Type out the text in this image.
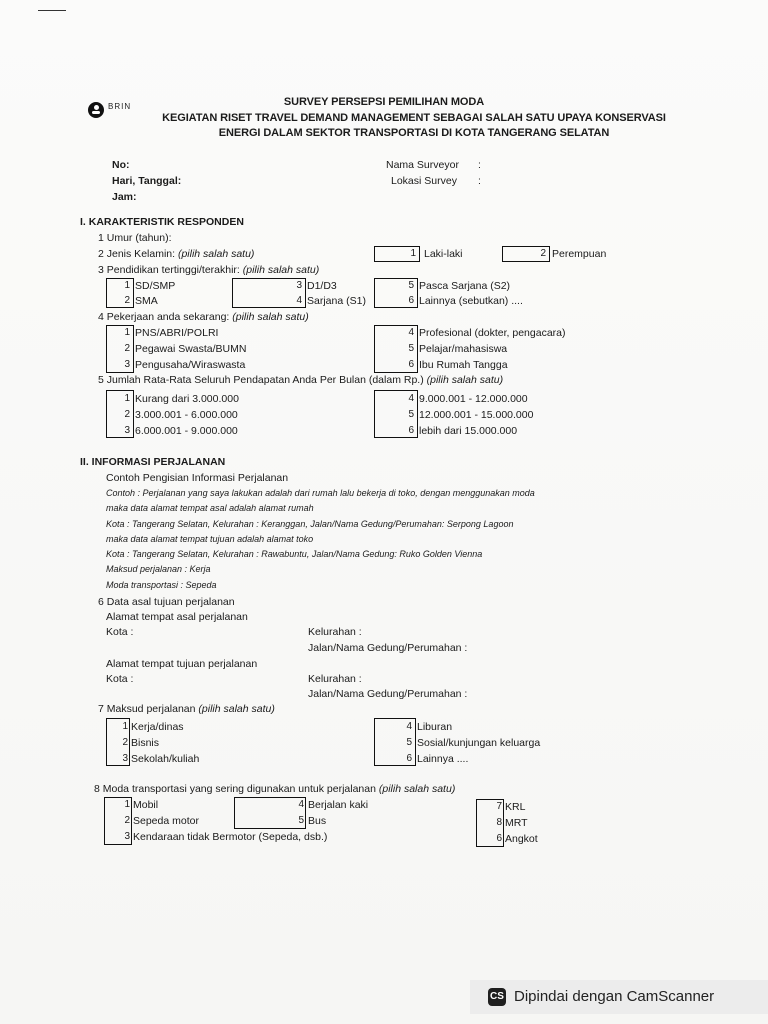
BRIN	SURVEY PERSEPSI PEMILIHAN MODA
KEGIATAN RISET TRAVEL DEMAND MANAGEMENT SEBAGAI SALAH SATU UPAYA KONSERVASI
ENERGI DALAM SEKTOR TRANSPORTASI DI KOTA TANGERANG SELATAN
No:
Hari, Tanggal:
Jam:
Nama Surveyor :
Lokasi Survey :
I. KARAKTERISTIK RESPONDEN
1 Umur (tahun):
2 Jenis Kelamin: (pilih salah satu)	1 Laki-laki	2 Perempuan
3 Pendidikan tertinggi/terakhir: (pilih salah satu)
1 SD/SMP
2 SMA
3 D1/D3
4 Sarjana (S1)
5 Pasca Sarjana (S2)
6 Lainnya (sebutkan) ....
4 Pekerjaan anda sekarang: (pilih salah satu)
1 PNS/ABRI/POLRI
2 Pegawai Swasta/BUMN
3 Pengusaha/Wiraswasta
4 Profesional (dokter, pengacara)
5 Pelajar/mahasiswa
6 Ibu Rumah Tangga
5 Jumlah Rata-Rata Seluruh Pendapatan Anda Per Bulan (dalam Rp.) (pilih salah satu)
1 Kurang dari 3.000.000
2 3.000.001 - 6.000.000
3 6.000.001 - 9.000.000
4 9.000.001 - 12.000.000
5 12.000.001 - 15.000.000
6 lebih dari 15.000.000
II. INFORMASI PERJALANAN
Contoh Pengisian Informasi Perjalanan
Contoh : Perjalanan yang saya lakukan adalah dari rumah lalu bekerja di toko, dengan menggunakan moda
maka data alamat tempat asal adalah alamat rumah
Kota : Tangerang Selatan, Kelurahan : Keranggan, Jalan/Nama Gedung/Perumahan: Serpong Lagoon
maka data alamat tempat tujuan adalah alamat toko
Kota : Tangerang Selatan, Kelurahan : Rawabuntu, Jalan/Nama Gedung: Ruko Golden Vienna
Maksud perjalanan : Kerja
Moda transportasi : Sepeda
6 Data asal tujuan perjalanan
Alamat tempat asal perjalanan
Kota :	Kelurahan :
Jalan/Nama Gedung/Perumahan :
Alamat tempat tujuan perjalanan
Kota :	Kelurahan :
Jalan/Nama Gedung/Perumahan :
7 Maksud perjalanan (pilih salah satu)
1 Kerja/dinas
2 Bisnis
3 Sekolah/kuliah
4 Liburan
5 Sosial/kunjungan keluarga
6 Lainnya ....
8 Moda transportasi yang sering digunakan untuk perjalanan (pilih salah satu)
1 Mobil
2 Sepeda motor
3 Kendaraan tidak Bermotor (Sepeda, dsb.)
4 Berjalan kaki
5 Bus
7 KRL
8 MRT
6 Angkot
CS Dipindai dengan CamScanner
